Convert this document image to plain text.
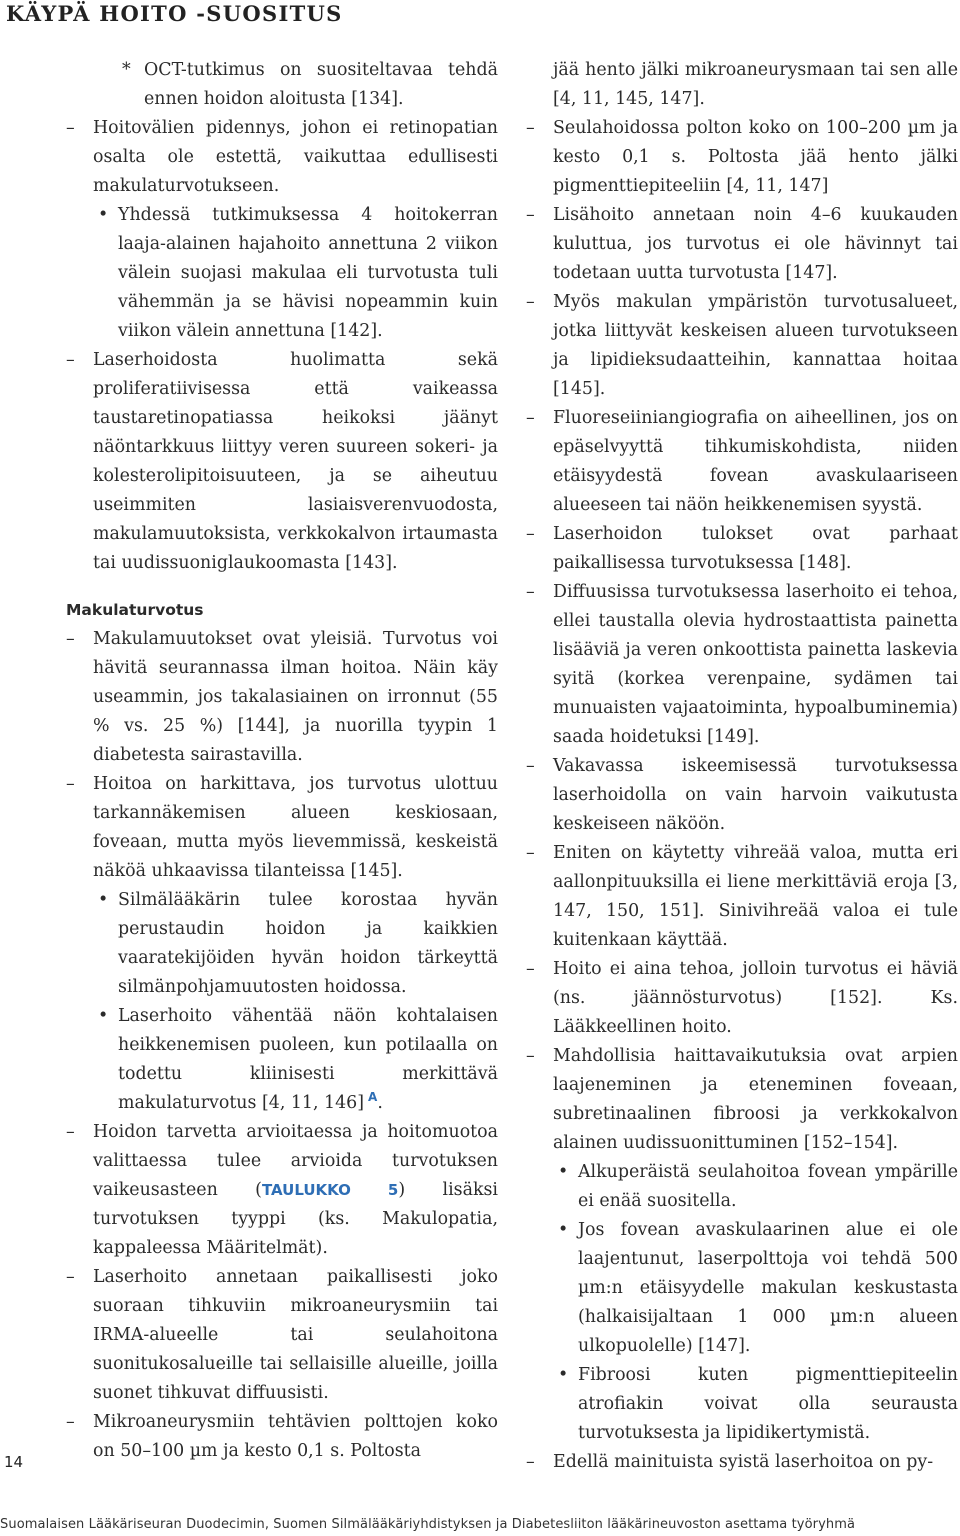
KÄYPÄ HOITO -SUOSITUS
* OCT-tutkimus on suositeltavaa tehdä ennen hoidon aloitusta [134].
– Hoitovälien pidennys, johon ei retinopatian osalta ole estettä, vaikuttaa edullisesti makulaturvotukseen.
• Yhdessä tutkimuksessa 4 hoitokerran laaja-alainen hajahoito annettuna 2 viikon välein suojasi makulaa eli turvotusta tuli vähemmän ja se hävisi nopeammin kuin viikon välein annettuna [142].
– Laserhoidosta huolimatta sekä proliferatiivisessa että vaikeassa taustaretinopatiassa heikoksi jäänyt näöntarkkuus liittyy veren suureen sokeri- ja kolesterolipitoisuuteen, ja se aiheutuu useimmiten lasiaisverenvuodosta, makulamuutoksista, verkkokalvon irtaumasta tai uudissuoniglaukoomasta [143].
Makulaturvotus
– Makulamuutokset ovat yleisiä. Turvotus voi hävitä seurannassa ilman hoitoa. Näin käy useammin, jos takalasiainen on irronnut (55 % vs. 25 %) [144], ja nuorilla tyypin 1 diabetesta sairastavilla.
– Hoitoa on harkittava, jos turvotus ulottuu tarkannäkemisen alueen keskiosaan, foveaan, mutta myös lievemmissä, keskeistä näköä uhkaavissa tilanteissa [145].
• Silmälääkärin tulee korostaa hyvän perustaudin hoidon ja kaikkien vaaratekijöiden hyvän hoidon tärkeyttä silmänpohjamuutosten hoidossa.
• Laserhoito vähentää näön kohtalaisen heikkenemisen puoleen, kun potilaalla on todettu kliinisesti merkittävä makulaturvotus [4, 11, 146] A.
– Hoidon tarvetta arvioitaessa ja hoitomuotoa valittaessa tulee arvioida turvotuksen vaikeusasteen (TAULUKKO 5) lisäksi turvotuksen tyyppi (ks. Makulopatia, kappaleessa Määritelmät).
– Laserhoito annetaan paikallisesti joko suoraan tihkuviin mikroaneurysmiin tai IRMA-alueelle tai seulahoitona suonitukosalueille tai sellaisille alueille, joilla suonet tihkuvat diffuusisti.
– Mikroaneurysmiin tehtävien polttojen koko on 50–100 µm ja kesto 0,1 s. Poltosta
jää hento jälki mikroaneurysmaan tai sen alle [4, 11, 145, 147].
– Seulahoidossa polton koko on 100–200 µm ja kesto 0,1 s. Poltosta jää hento jälki pigmenttiepiteeliin [4, 11, 147]
– Lisähoito annetaan noin 4–6 kuukauden kuluttua, jos turvotus ei ole hävinnyt tai todetaan uutta turvotusta [147].
– Myös makulan ympäristön turvotusalueet, jotka liittyvät keskeisen alueen turvotukseen ja lipidieksudaatteihin, kannattaa hoitaa [145].
– Fluoreseiiniangiografia on aiheellinen, jos on epäselvyyttä tihkumiskohdista, niiden etäisyydestä fovean avaskulaariseen alueeseen tai näön heikkenemisen syystä.
– Laserhoidon tulokset ovat parhaat paikallisessa turvotuksessa [148].
– Diffuusissa turvotuksessa laserhoito ei tehoa, ellei taustalla olevia hydrostaattista painetta lisääviä ja veren onkoottista painetta laskevia syitä (korkea verenpaine, sydämen tai munuaisten vajaatoiminta, hypoalbuminemia) saada hoidetuksi [149].
– Vakavassa iskeemisessä turvotuksessa laserhoidolla on vain harvoin vaikutusta keskeiseen näköön.
– Eniten on käytetty vihreää valoa, mutta eri aallonpituuksilla ei liene merkittäviä eroja [3, 147, 150, 151]. Sinivihreää valoa ei tule kuitenkaan käyttää.
– Hoito ei aina tehoa, jolloin turvotus ei häviä (ns. jäännösturvotus) [152]. Ks. Lääkkeellinen hoito.
– Mahdollisia haittavaikutuksia ovat arpien laajeneminen ja eteneminen foveaan, subretinaalinen fibroosi ja verkkokalvon alainen uudissuonittuminen [152–154].
• Alkuperäistä seulahoitoa fovean ympärille ei enää suositella.
• Jos fovean avaskulaarinen alue ei ole laajentunut, laserpolttoja voi tehdä 500 µm:n etäisyydelle makulan keskustasta (halkaisijaltaan 1 000 µm:n alueen ulkopuolelle) [147].
• Fibroosi kuten pigmenttiepiteelin atrofiakin voivat olla seurausta turvotuksesta ja lipidikertymistä.
– Edellä mainituista syistä laserhoitoa on py-
14
Suomalaisen Lääkäriseuran Duodecimin, Suomen Silmälääkäriyhdistyksen ja Diabetesliiton lääkärineuvoston asettama työryhmä
